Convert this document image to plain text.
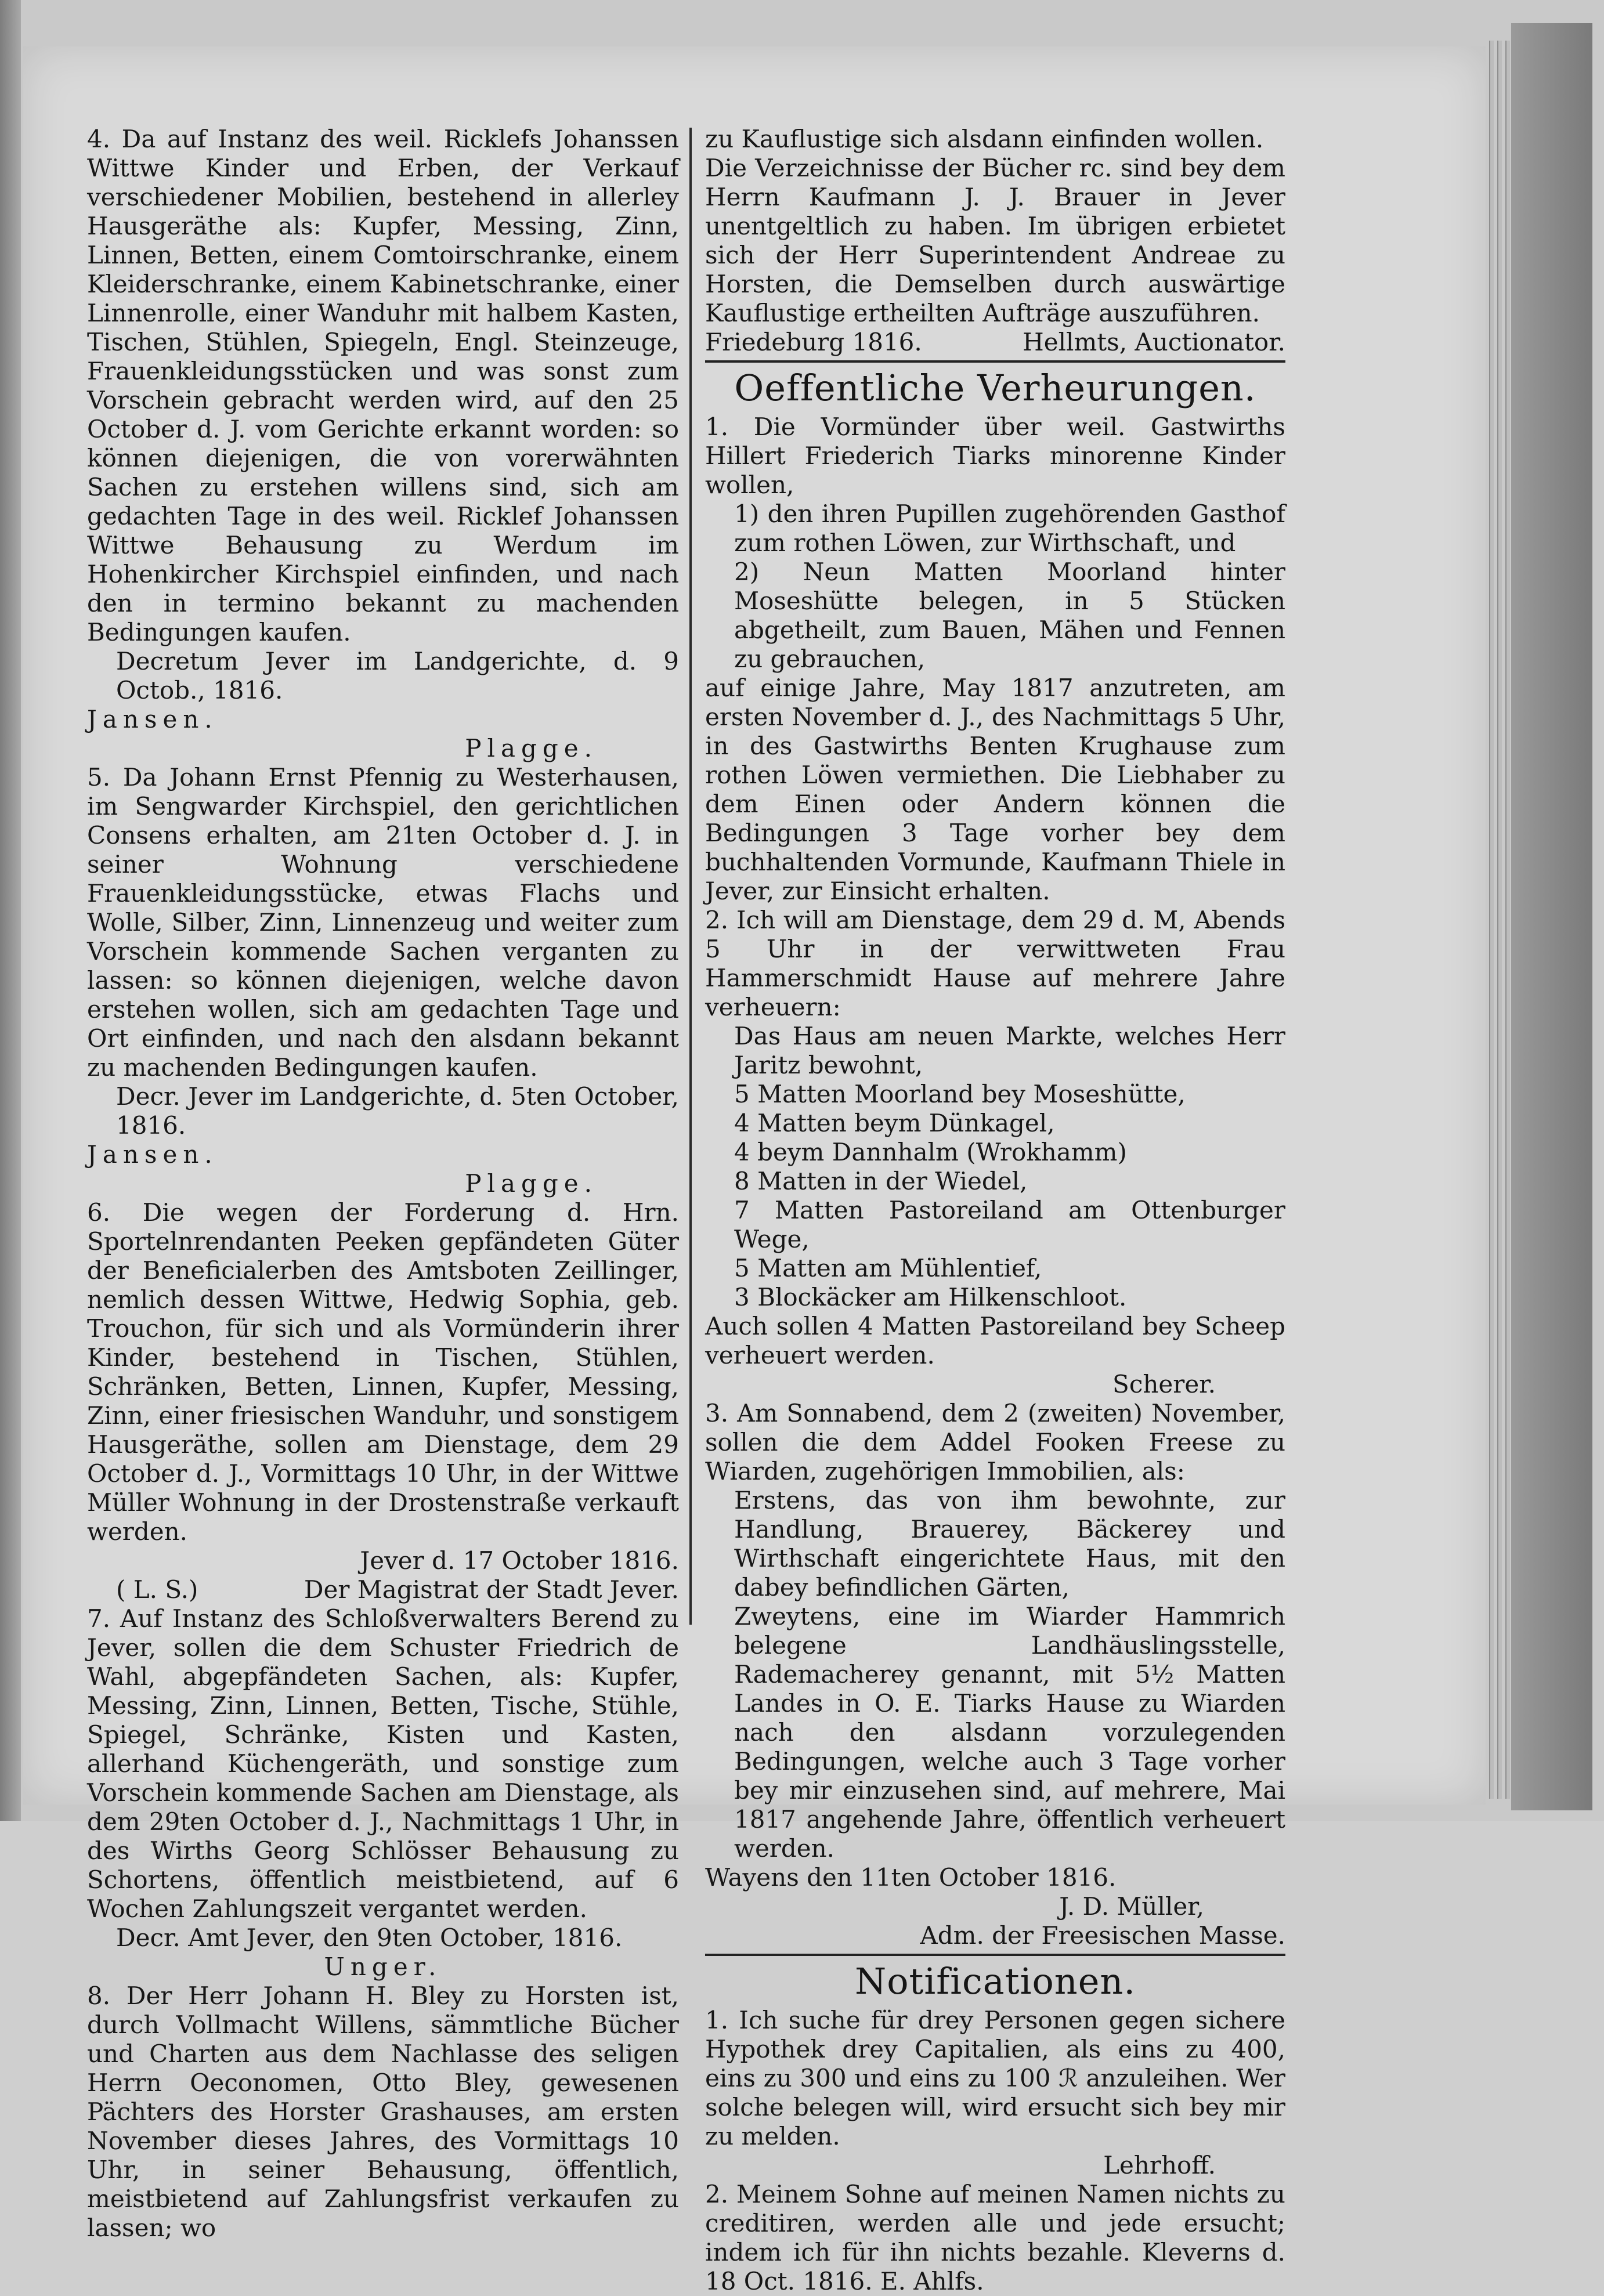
4. Da auf Instanz des weil. Ricklefs Johanssen Wittwe Kinder und Erben, der Verkauf verschiedener Mobilien, bestehend in allerley Hausgeräthe als: Kupfer, Messing, Zinn, Linnen, Betten, einem Comtoirschranke, einem Kleiderschranke, einem Kabinetschranke, einer Linnenrolle, einer Wanduhr mit halbem Kasten, Tischen, Stühlen, Spiegeln, Engl. Steinzeuge, Frauenkleidungsstücken und was sonst zum Vorschein gebracht werden wird, auf den 25 October d. J. vom Gerichte erkannt worden: so können diejenigen, die von vorerwähnten Sachen zu erstehen willens sind, sich am gedachten Tage in des weil. Ricklef Johanssen Wittwe Behausung zu Werdum im Hohenkircher Kirchspiel einfinden, und nach den in termino bekannt zu machenden Bedingungen kaufen.

Decretum Jever im Landgerichte, d. 9 Octob., 1816.

Jansen.

Plagge.

5. Da Johann Ernst Pfennig zu Westerhausen, im Sengwarder Kirchspiel, den gerichtlichen Consens erhalten, am 21ten October d. J. in seiner Wohnung verschiedene Frauenkleidungsstücke, etwas Flachs und Wolle, Silber, Zinn, Linnenzeug und weiter zum Vorschein kommende Sachen verganten zu lassen: so können diejenigen, welche davon erstehen wollen, sich am gedachten Tage und Ort einfinden, und nach den alsdann bekannt zu machenden Bedingungen kaufen.

Decr. Jever im Landgerichte, d. 5ten October, 1816.

Jansen.

Plagge.

6. Die wegen der Forderung d. Hrn. Sportelnrendanten Peeken gepfändeten Güter der Beneficialerben des Amtsboten Zeillinger, nemlich dessen Wittwe, Hedwig Sophia, geb. Trouchon, für sich und als Vormünderin ihrer Kinder, bestehend in Tischen, Stühlen, Schränken, Betten, Linnen, Kupfer, Messing, Zinn, einer friesischen Wanduhr, und sonstigem Hausgeräthe, sollen am Dienstage, dem 29 October d. J., Vormittags 10 Uhr, in der Wittwe Müller Wohnung in der Drostenstraße verkauft werden.

Jever d. 17 October 1816.

( L. S.)	Der Magistrat der Stadt Jever.

7. Auf Instanz des Schloßverwalters Berend zu Jever, sollen die dem Schuster Friedrich de Wahl, abgepfändeten Sachen, als: Kupfer, Messing, Zinn, Linnen, Betten, Tische, Stühle, Spiegel, Schränke, Kisten und Kasten, allerhand Küchengeräth, und sonstige zum Vorschein kommende Sachen am Dienstage, als dem 29ten October d. J., Nachmittags 1 Uhr, in des Wirths Georg Schlösser Behausung zu Schortens, öffentlich meistbietend, auf 6 Wochen Zahlungszeit vergantet werden.

Decr. Amt Jever, den 9ten October, 1816.

Unger.

8. Der Herr Johann H. Bley zu Horsten ist, durch Vollmacht Willens, sämmtliche Bücher und Charten aus dem Nachlasse des seligen Herrn Oeconomen, Otto Bley, gewesenen Pächters des Horster Grashauses, am ersten November dieses Jahres, des Vormittags 10 Uhr, in seiner Behausung, öffentlich, meistbietend auf Zahlungsfrist verkaufen zu lassen; wo

zu Kauflustige sich alsdann einfinden wollen.

Die Verzeichnisse der Bücher rc. sind bey dem Herrn Kaufmann J. J. Brauer in Jever unentgeltlich zu haben. Im übrigen erbietet sich der Herr Superintendent Andreae zu Horsten, die Demselben durch auswärtige Kauflustige ertheilten Aufträge auszuführen.

Friedeburg 1816.	Hellmts, Auctionator.
Oeffentliche Verheurungen.

1. Die Vormünder über weil. Gastwirths Hillert Friederich Tiarks minorenne Kinder wollen,

1) den ihren Pupillen zugehörenden Gasthof zum rothen Löwen, zur Wirthschaft, und

2) Neun Matten Moorland hinter Moseshütte belegen, in 5 Stücken abgetheilt, zum Bauen, Mähen und Fennen zu gebrauchen,

auf einige Jahre, May 1817 anzutreten, am ersten November d. J., des Nachmittags 5 Uhr, in des Gastwirths Benten Krughause zum rothen Löwen vermiethen. Die Liebhaber zu dem Einen oder Andern können die Bedingungen 3 Tage vorher bey dem buchhaltenden Vormunde, Kaufmann Thiele in Jever, zur Einsicht erhalten.

2. Ich will am Dienstage, dem 29 d. M, Abends 5 Uhr in der verwittweten Frau Hammerschmidt Hause auf mehrere Jahre verheuern:

Das Haus am neuen Markte, welches Herr Jaritz bewohnt,

5 Matten Moorland bey Moseshütte,

4 Matten beym Dünkagel,

4 beym Dannhalm (Wrokhamm)

8 Matten in der Wiedel,

7 Matten Pastoreiland am Ottenburger Wege,

5 Matten am Mühlentief,

3 Blockäcker am Hilkenschloot.

Auch sollen 4 Matten Pastoreiland bey Scheep verheuert werden.

Scherer.

3. Am Sonnabend, dem 2 (zweiten) November, sollen die dem Addel Fooken Freese zu Wiarden, zugehörigen Immobilien, als:

Erstens, das von ihm bewohnte, zur Handlung, Brauerey, Bäckerey und Wirthschaft eingerichtete Haus, mit den dabey befindlichen Gärten,

Zweytens, eine im Wiarder Hammrich belegene Landhäuslingsstelle, Rademacherey genannt, mit 5½ Matten Landes in O. E. Tiarks Hause zu Wiarden nach den alsdann vorzulegenden Bedingungen, welche auch 3 Tage vorher bey mir einzusehen sind, auf mehrere, Mai 1817 angehende Jahre, öffentlich verheuert werden.

Wayens den 11ten October 1816.

J. D. Müller,

Adm. der Freesischen Masse.

Notificationen.

1. Ich suche für drey Personen gegen sichere Hypothek drey Capitalien, als eins zu 400, eins zu 300 und eins zu 100 ℛ anzuleihen. Wer solche belegen will, wird ersucht sich bey mir zu melden.

Lehrhoff.

2. Meinem Sohne auf meinen Namen nichts zu creditiren, werden alle und jede ersucht; indem ich für ihn nichts bezahle. Kleverns d. 18 Oct. 1816. E. Ahlfs.
